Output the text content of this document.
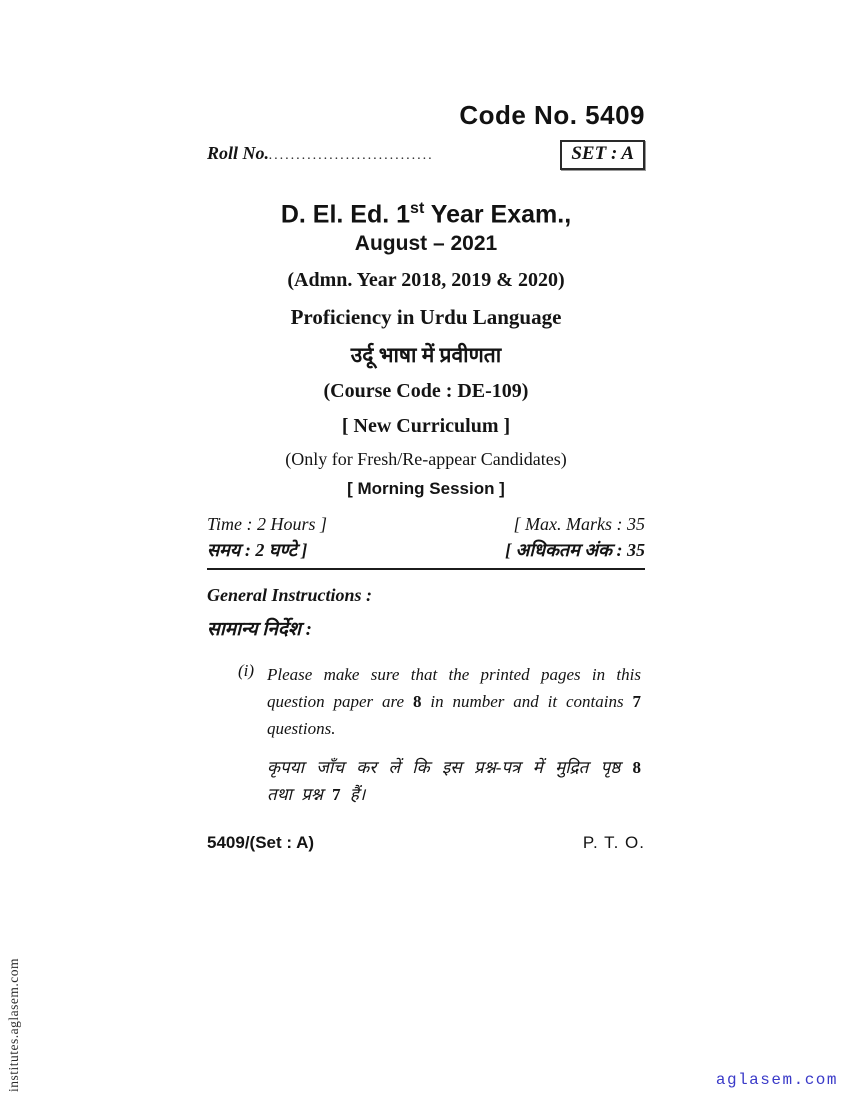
Code No. 5409
Roll No...............................	SET : A
D. El. Ed. 1st Year Exam.,
August – 2021
(Admn. Year 2018, 2019 & 2020)
Proficiency in Urdu Language
उर्दू भाषा में प्रवीणता
(Course Code : DE-109)
[ New Curriculum ]
(Only for Fresh/Re-appear Candidates)
[ Morning Session ]
Time : 2 Hours ]	[ Max. Marks : 35
समय : 2 घण्टे ]	[ अधिकतम अंक : 35
General Instructions :
सामान्य निर्देश :
(i) Please make sure that the printed pages in this question paper are 8 in number and it contains 7 questions.
कृपया जाँच कर लें कि इस प्रश्न-पत्र में मुद्रित पृष्ठ 8 तथा प्रश्न 7 हैं।
5409/(Set : A)	P. T. O.
institutes.aglasem.com	aglasem.com
